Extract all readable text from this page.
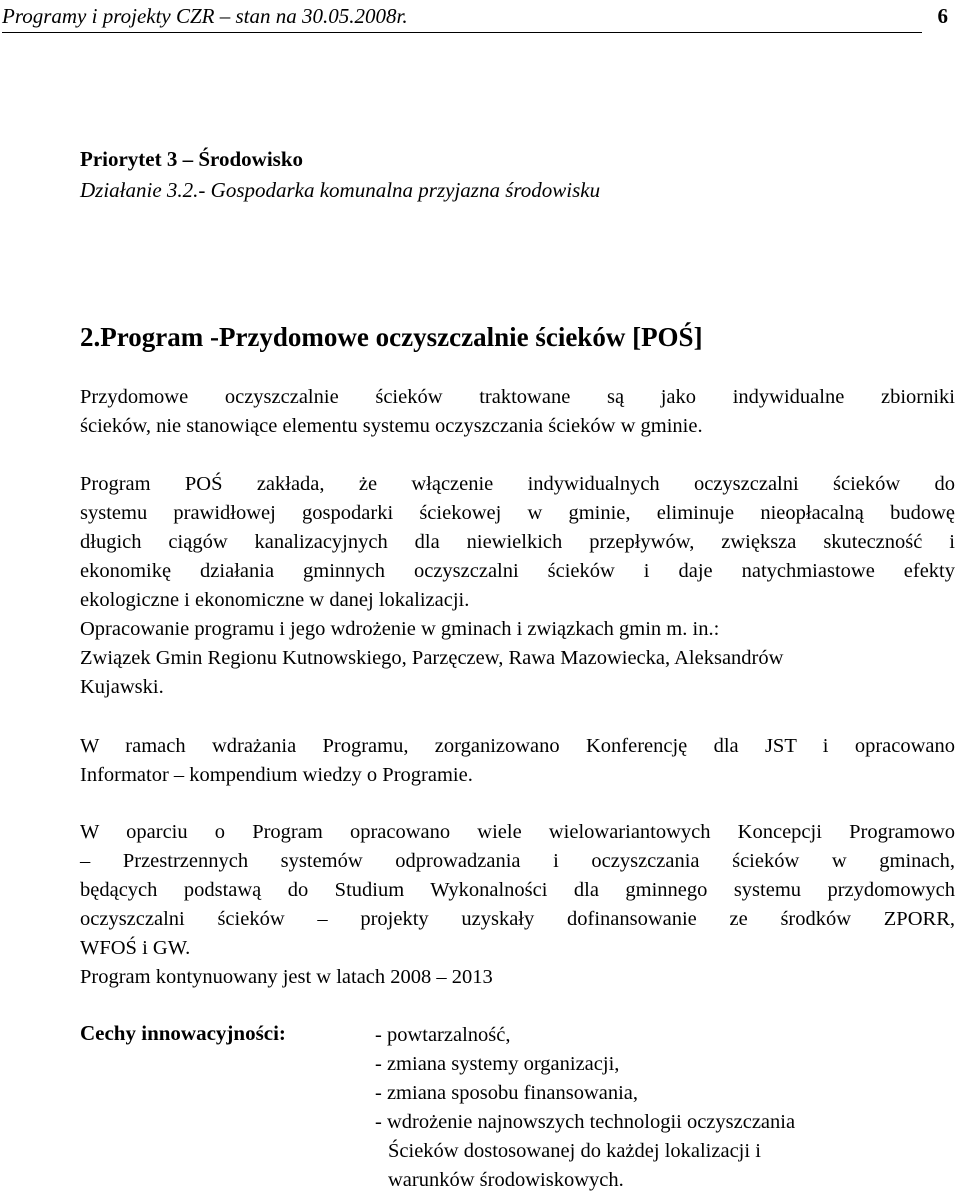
Programy i projekty CZR – stan na 30.05.2008r.	6
Priorytet 3 – Środowisko
Działanie 3.2.- Gospodarka komunalna przyjazna środowisku
2.Program -Przydomowe oczyszczalnie ścieków [POŚ]
Przydomowe oczyszczalnie ścieków traktowane są jako indywidualne zbiorniki
ścieków, nie stanowiące elementu systemu oczyszczania ścieków w gminie.
Program POŚ zakłada, że włączenie indywidualnych oczyszczalni ścieków do
systemu prawidłowej gospodarki ściekowej w gminie, eliminuje nieopłacalną budowę
długich ciągów kanalizacyjnych dla niewielkich przepływów, zwiększa skuteczność i
ekonomikę działania gminnych oczyszczalni ścieków i daje natychmiastowe efekty
ekologiczne i ekonomiczne w danej lokalizacji.
Opracowanie programu i jego wdrożenie w gminach i związkach gmin m. in.:
Związek Gmin Regionu Kutnowskiego, Parzęczew, Rawa Mazowiecka, Aleksandrów
Kujawski.
W ramach wdrażania Programu, zorganizowano Konferencję dla JST i opracowano
Informator – kompendium wiedzy o Programie.
W oparciu o Program opracowano wiele wielowariantowych Koncepcji Programowo
– Przestrzennych systemów odprowadzania i oczyszczania ścieków w gminach,
będących podstawą do Studium Wykonalności dla gminnego systemu przydomowych
oczyszczalni ścieków – projekty uzyskały dofinansowanie ze środków ZPORR,
WFOŚ i GW.
Program kontynuowany jest w latach 2008 – 2013
Cechy innowacyjności:	- powtarzalność,
- zmiana systemy organizacji,
- zmiana sposobu finansowania,
- wdrożenie najnowszych technologii oczyszczania
Ścieków dostosowanej do każdej lokalizacji i
warunków środowiskowych.
